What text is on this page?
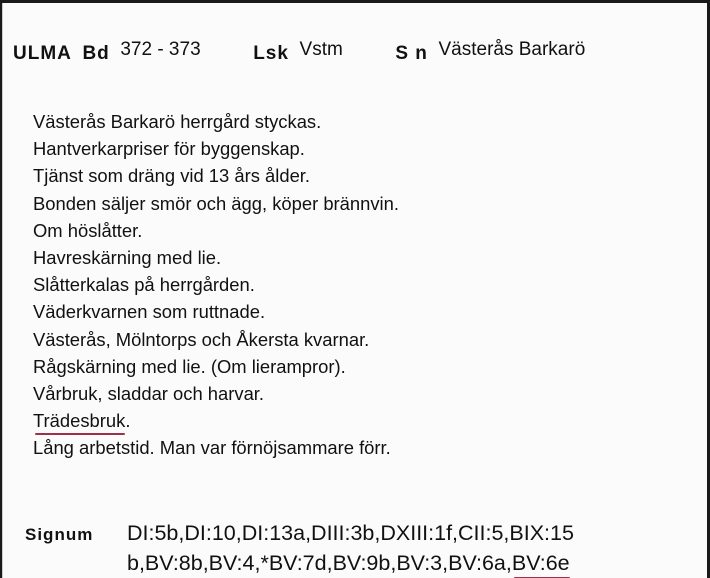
ULMA Bd 372 - 373	Lsk Vstm	S n Västerås Barkarö
Västerås Barkarö herrgård styckas.
Hantverkarpriser för byggenskap.
Tjänst som dräng vid 13 års ålder.
Bonden säljer smör och ägg, köper brännvin.
Om höslåtter.
Havreskärning med lie.
Slåtterkalas på herrgården.
Väderkvarnen som ruttnade.
Västerås, Mölntorps och Åkersta kvarnar.
Rågskärning med lie. (Om lierampror).
Vårbruk, sladdar och harvar.
Trädesbruk.
Lång arbetstid. Man var förnöjsammare förr.
Signum DI:5b,DI:10,DI:13a,DIII:3b,DXIII:1f,CII:5,BIX:15 b,BV:8b,BV:4,*BV:7d,BV:9b,BV:3,BV:6a,BV:6e
